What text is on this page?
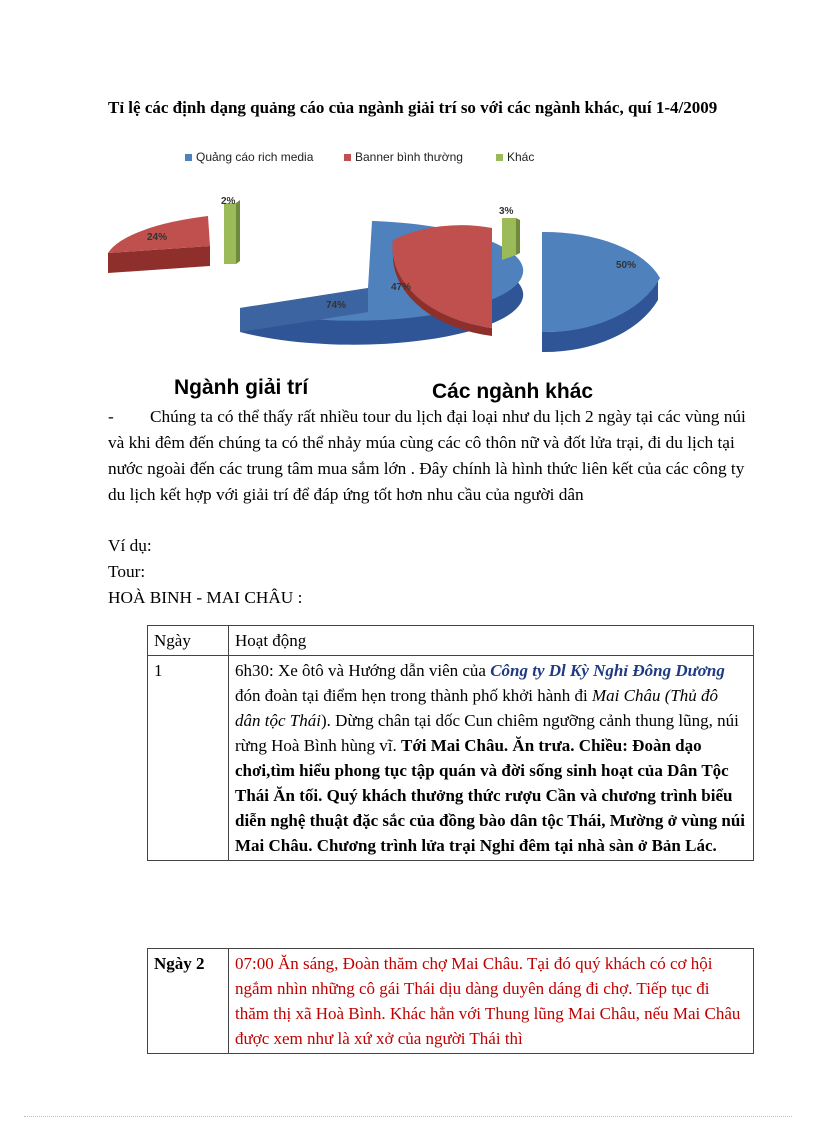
Tỉ lệ các định dạng quảng cáo của ngành giải trí so với các ngành khác, quí 1-4/2009
Quảng cáo rich media	Banner bình thường	Khác
74%
24%
2%
50%
47%
3%
Ngành giải trí	Các ngành khác
- Chúng ta có thể thấy rất nhiều tour du lịch đại loại như du lịch 2 ngày tại các vùng núi và khi đêm đến chúng ta có thể nhảy múa cùng các cô thôn nữ và đốt lửa trại, đi du lịch tại nước ngoài đến các trung tâm mua sắm lớn . Đây chính là hình thức liên kết của các công ty du lịch kết hợp với giải trí để đáp ứng tốt hơn nhu cầu của người dân
Ví dụ:
Tour:
HOÀ BINH - MAI CHÂU :
Ngày	Hoạt động
1	6h30: Xe ôtô và Hướng dẫn viên của Công ty Dl Kỳ Nghỉ Đông Dương đón đoàn tại điểm hẹn trong thành phố khởi hành đi Mai Châu (Thủ đô dân tộc Thái). Dừng chân tại dốc Cun chiêm ngưỡng cảnh thung lũng, núi rừng Hoà Bình hùng vĩ. Tới Mai Châu. Ăn trưa. Chiều: Đoàn dạo chơi,tìm hiểu phong tục tập quán và đời sống sinh hoạt của Dân Tộc Thái Ăn tối. Quý khách thưởng thức rượu Cần và chương trình biểu diễn nghệ thuật đặc sắc của đồng bào dân tộc Thái, Mường ở vùng núi Mai Châu. Chương trình lửa trại Nghỉ đêm tại nhà sàn ở Bản Lác.
Ngày 2	07:00 Ăn sáng, Đoàn thăm chợ Mai Châu. Tại đó quý khách có cơ hội ngắm nhìn những cô gái Thái dịu dàng duyên dáng đi chợ. Tiếp tục đi thăm thị xã Hoà Bình. Khác hẳn với Thung lũng Mai Châu, nếu Mai Châu được xem như là xứ xở của người Thái thì
